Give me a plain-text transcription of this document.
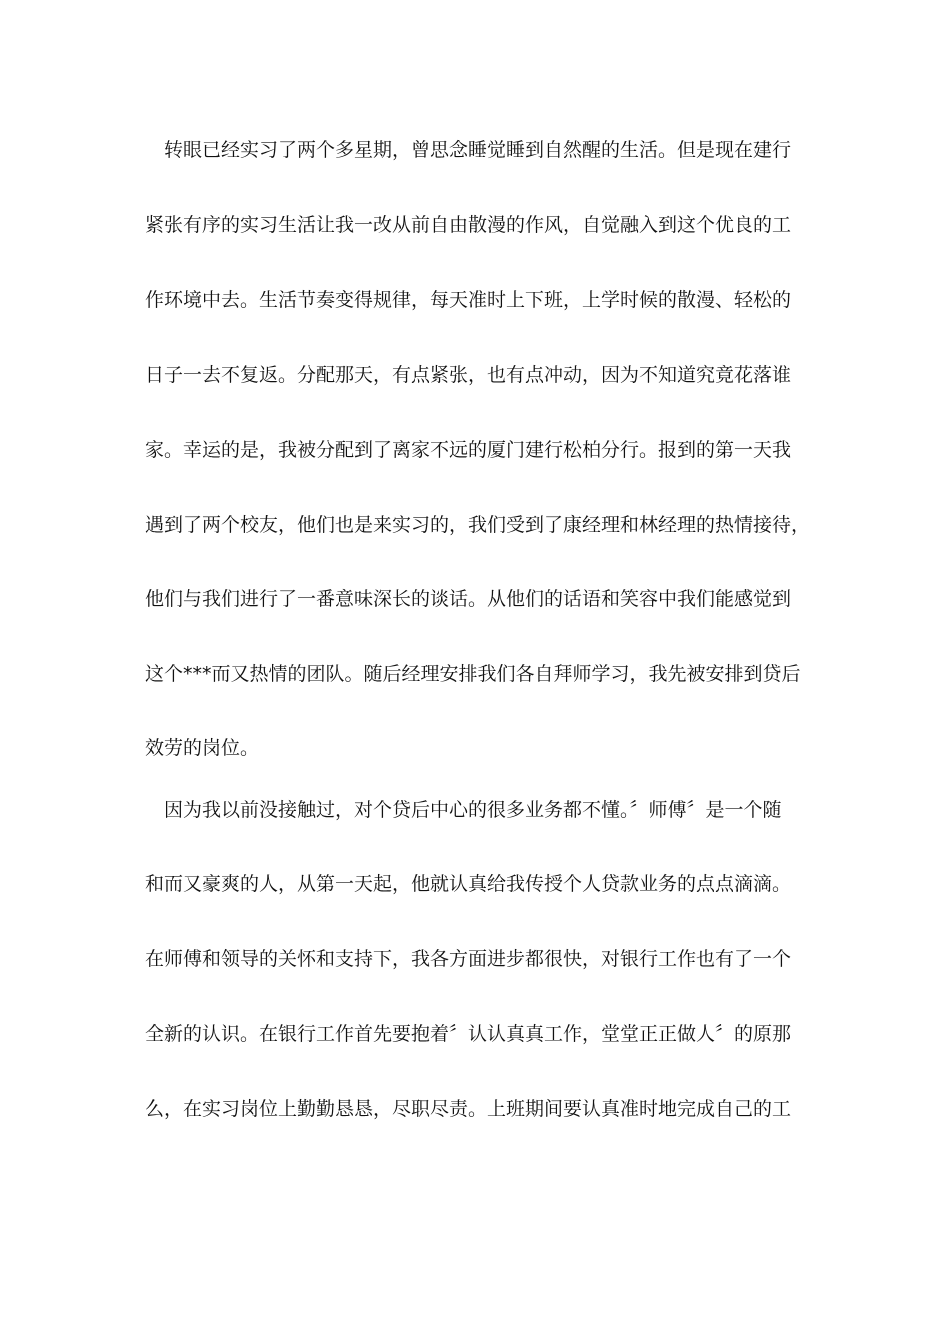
转眼已经实习了两个多星期，曾思念睡觉睡到自然醒的生活。但是现在建行
紧张有序的实习生活让我一改从前自由散漫的作风，自觉融入到这个优良的工
作环境中去。生活节奏变得规律，每天准时上下班，上学时候的散漫、轻松的
日子一去不复返。分配那天，有点紧张，也有点冲动，因为不知道究竟花落谁
家。幸运的是，我被分配到了离家不远的厦门建行松柏分行。报到的第一天我
遇到了两个校友，他们也是来实习的，我们受到了康经理和林经理的热情接待，
他们与我们进行了一番意味深长的谈话。从他们的话语和笑容中我们能感觉到
这个***而又热情的团队。随后经理安排我们各自拜师学习，我先被安排到贷后
效劳的岗位。
因为我以前没接触过，对个贷后中心的很多业务都不懂。〞师傅〞是一个随
和而又豪爽的人，从第一天起，他就认真给我传授个人贷款业务的点点滴滴。
在师傅和领导的关怀和支持下，我各方面进步都很快，对银行工作也有了一个
全新的认识。在银行工作首先要抱着〞认认真真工作，堂堂正正做人〞的原那
么，在实习岗位上勤勤恳恳，尽职尽责。上班期间要认真准时地完成自己的工
